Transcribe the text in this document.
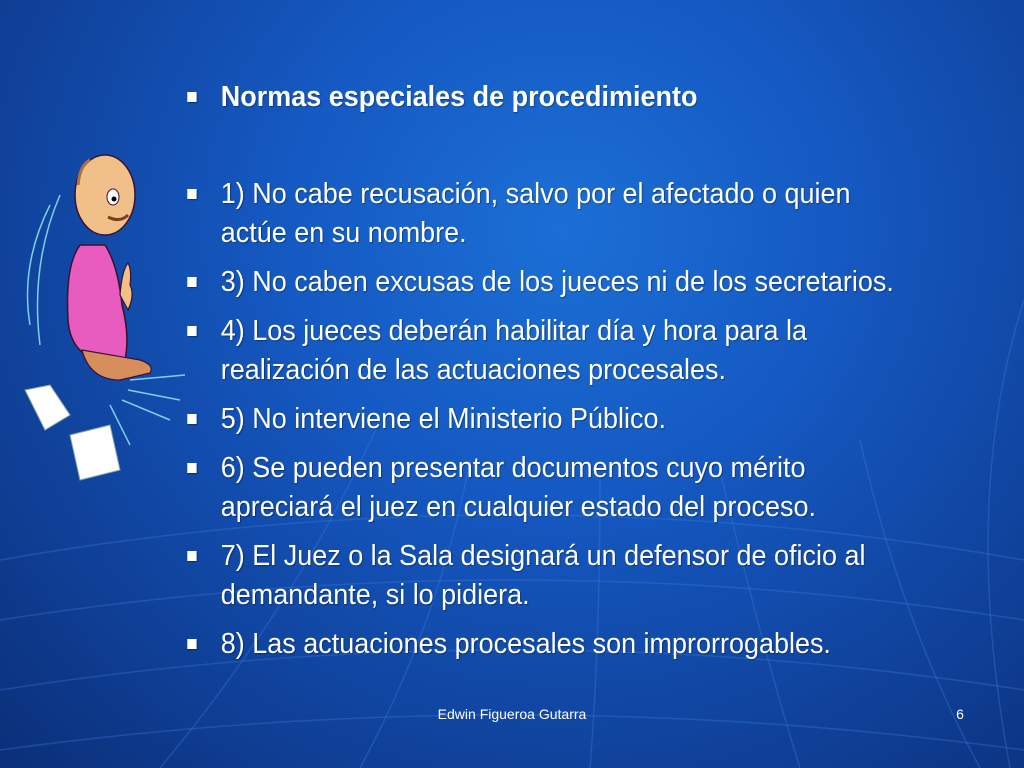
Normas especiales de procedimiento
1) No cabe recusación, salvo por el afectado o quien actúe en su nombre.
3) No caben excusas de los jueces ni de los secretarios.
4) Los jueces deberán habilitar día y hora para la realización de las actuaciones procesales.
5) No interviene el Ministerio Público.
6) Se pueden presentar documentos cuyo mérito apreciará el juez en cualquier estado del proceso.
7) El Juez o la Sala designará un defensor de oficio al demandante, si lo pidiera.
8) Las actuaciones procesales son improrrogables.
Edwin Figueroa Gutarra	6
